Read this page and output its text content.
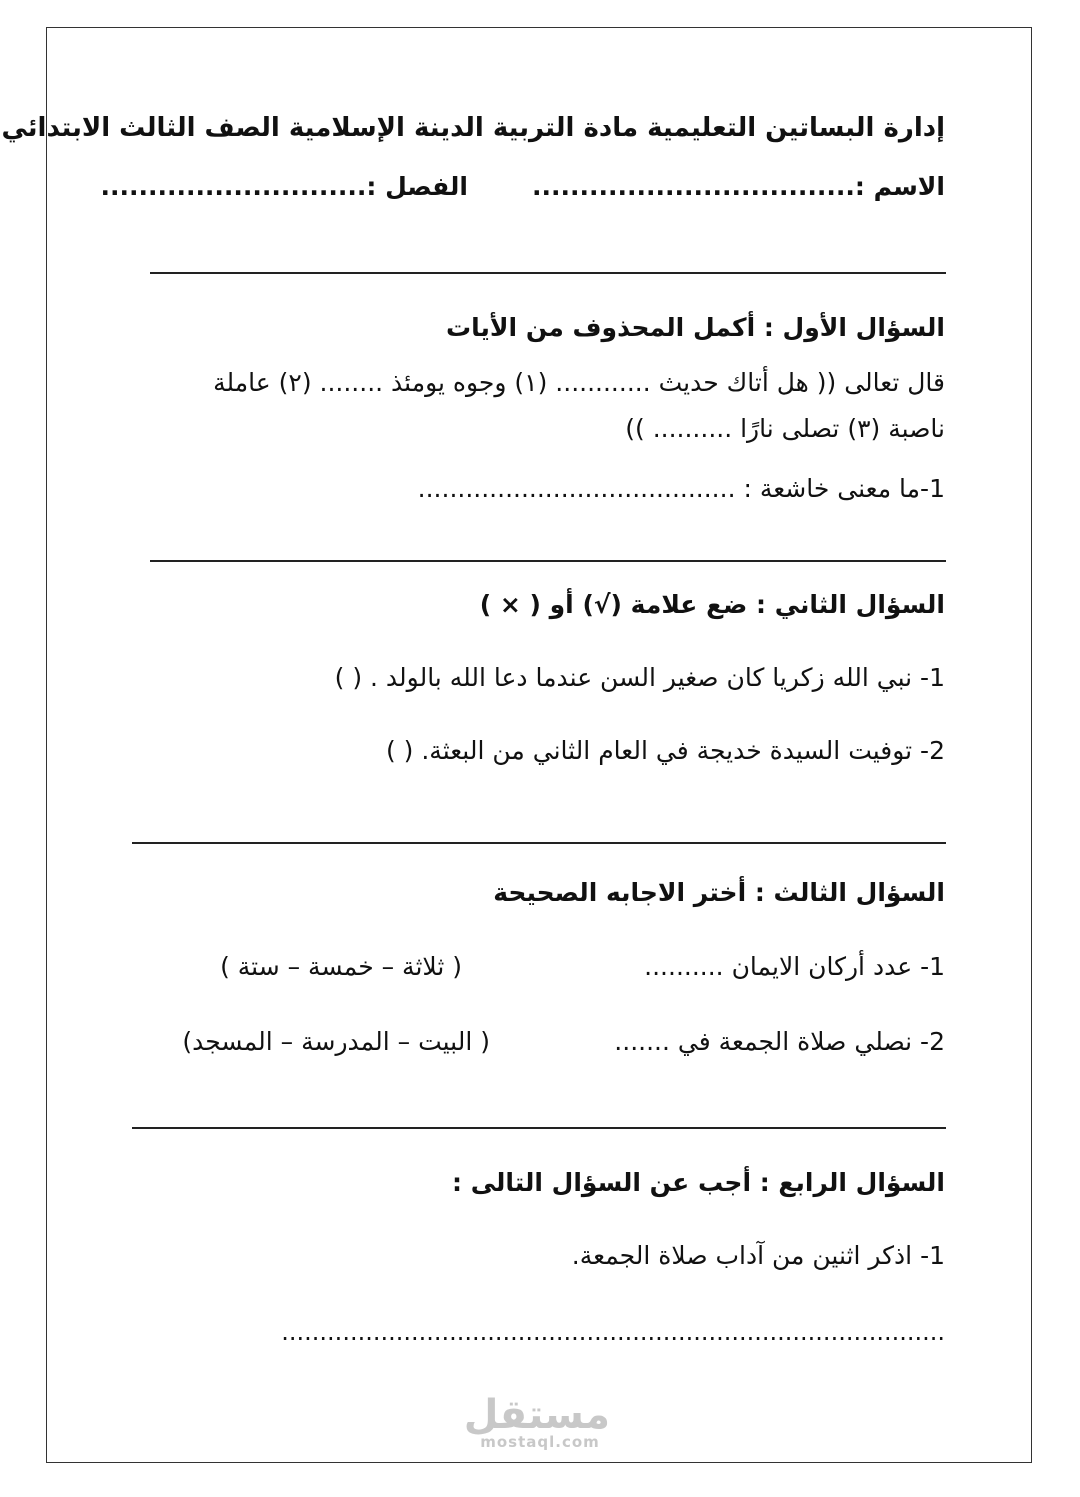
إدارة البساتين التعليمية مادة التربية الدينة الإسلامية الصف الثالث الابتدائي
الاسم :..................................
الفصل :............................
السؤال الأول : أكمل المحذوف من الأيات
قال تعالى (( هل أتاك حديث ............ (١) وجوه يومئذ ........ (٢) عاملة
ناصبة (٣) تصلى نارًا .......... ))
1-ما معنى خاشعة : ........................................
السؤال الثاني : ضع علامة (√) أو ( × )
1- نبي الله زكريا كان صغير السن عندما دعا الله بالولد . ( )
2- توفيت السيدة خديجة في العام الثاني من البعثة. ( )
السؤال الثالث : أختر الاجابه الصحيحة
1- عدد أركان الايمان ..........
( ثلاثة – خمسة – ستة )
2- نصلي صلاة الجمعة في .......
( البيت – المدرسة – المسجد)
السؤال الرابع : أجب عن السؤال التالى :
1- اذكر اثنين من آداب صلاة الجمعة.
.......................................................................................
مستقل
mostaql.com
